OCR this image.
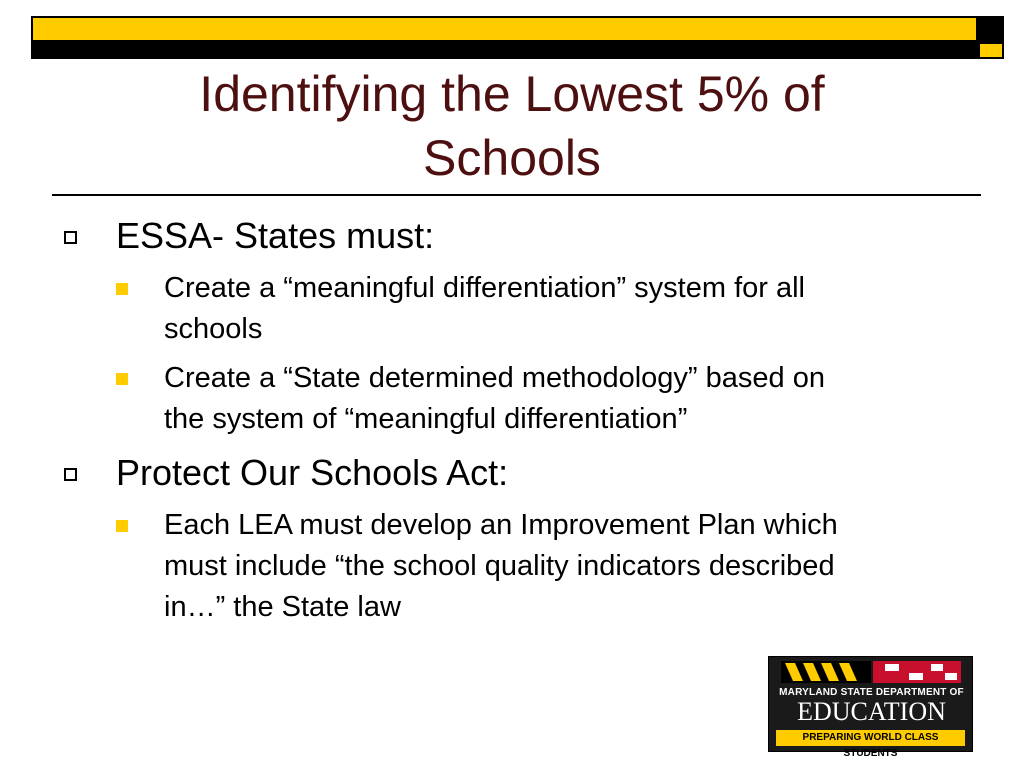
Identifying the Lowest 5% of
Schools
ESSA- States must:
Create a “meaningful differentiation” system for all
schools
Create a “State determined methodology” based on
the system of “meaningful differentiation”
Protect Our Schools Act:
Each LEA must develop an Improvement Plan which
must include “the school quality indicators described
in…” the State law
MARYLAND STATE DEPARTMENT OF
EDUCATION
PREPARING WORLD CLASS STUDENTS
